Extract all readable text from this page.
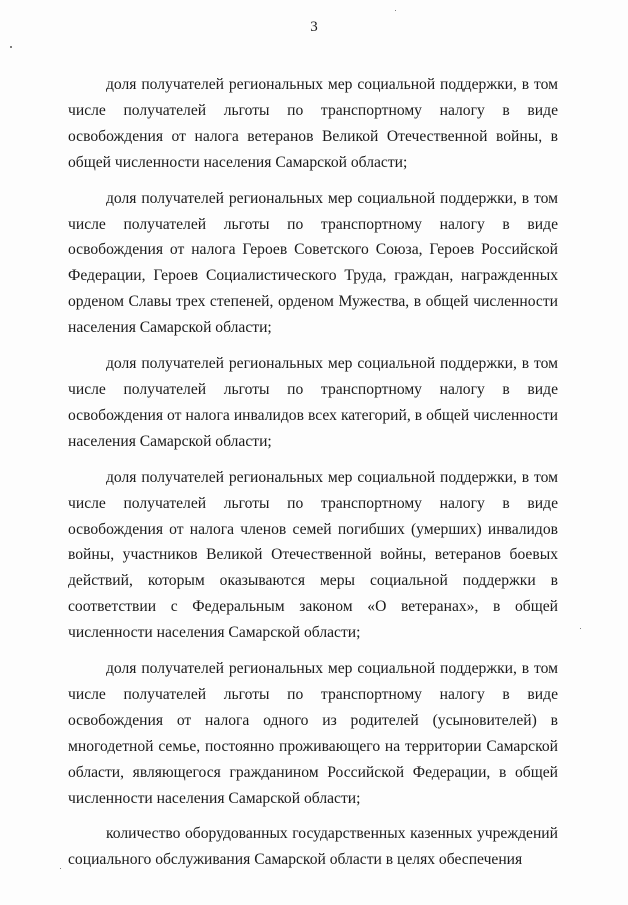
3

доля получателей региональных мер социальной поддержки, в том числе получателей льготы по транспортному налогу в виде освобождения от налога ветеранов Великой Отечественной войны, в общей численности населения Самарской области;

доля получателей региональных мер социальной поддержки, в том числе получателей льготы по транспортному налогу в виде освобождения от налога Героев Советского Союза, Героев Российской Федерации, Героев Социалистического Труда, граждан, награжденных орденом Славы трех степеней, орденом Мужества, в общей численности населения Самарской области;

доля получателей региональных мер социальной поддержки, в том числе получателей льготы по транспортному налогу в виде освобождения от налога инвалидов всех категорий, в общей численности населения Самарской области;

доля получателей региональных мер социальной поддержки, в том числе получателей льготы по транспортному налогу в виде освобождения от налога членов семей погибших (умерших) инвалидов войны, участников Великой Отечественной войны, ветеранов боевых действий, которым оказываются меры социальной поддержки в соответствии с Федеральным законом «О ветеранах», в общей численности населения Самарской области;

доля получателей региональных мер социальной поддержки, в том числе получателей льготы по транспортному налогу в виде освобождения от налога одного из родителей (усыновителей) в многодетной семье, постоянно проживающего на территории Самарской области, являющегося гражданином Российской Федерации, в общей численности населения Самарской области;

количество оборудованных государственных казенных учреждений социального обслуживания Самарской области в целях обеспечения
